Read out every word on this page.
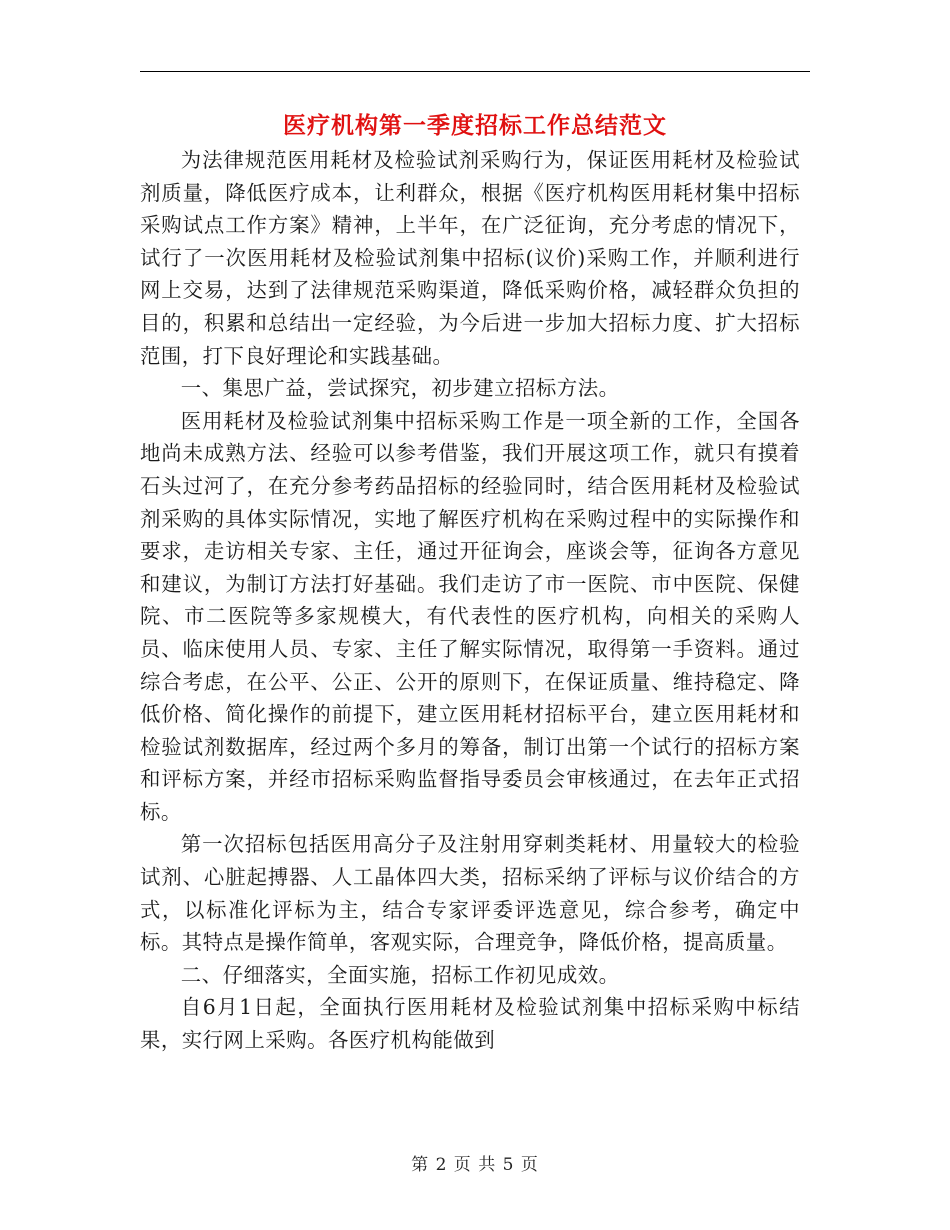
医疗机构第一季度招标工作总结范文

为法律规范医用耗材及检验试剂采购行为，保证医用耗材及检验试剂质量，降低医疗成本，让利群众，根据《医疗机构医用耗材集中招标采购试点工作方案》精神，上半年，在广泛征询，充分考虑的情况下，试行了一次医用耗材及检验试剂集中招标(议价)采购工作，并顺利进行网上交易，达到了法律规范采购渠道，降低采购价格，减轻群众负担的目的，积累和总结出一定经验，为今后进一步加大招标力度、扩大招标范围，打下良好理论和实践基础。

一、集思广益，尝试探究，初步建立招标方法。

医用耗材及检验试剂集中招标采购工作是一项全新的工作，全国各地尚未成熟方法、经验可以参考借鉴，我们开展这项工作，就只有摸着石头过河了，在充分参考药品招标的经验同时，结合医用耗材及检验试剂采购的具体实际情况，实地了解医疗机构在采购过程中的实际操作和要求，走访相关专家、主任，通过开征询会，座谈会等，征询各方意见和建议，为制订方法打好基础。我们走访了市一医院、市中医院、保健院、市二医院等多家规模大，有代表性的医疗机构，向相关的采购人员、临床使用人员、专家、主任了解实际情况，取得第一手资料。通过综合考虑，在公平、公正、公开的原则下，在保证质量、维持稳定、降低价格、简化操作的前提下，建立医用耗材招标平台，建立医用耗材和检验试剂数据库，经过两个多月的筹备，制订出第一个试行的招标方案和评标方案，并经市招标采购监督指导委员会审核通过，在去年正式招标。

第一次招标包括医用高分子及注射用穿刺类耗材、用量较大的检验试剂、心脏起搏器、人工晶体四大类，招标采纳了评标与议价结合的方式，以标准化评标为主，结合专家评委评选意见，综合参考，确定中标。其特点是操作简单，客观实际，合理竞争，降低价格，提高质量。

二、仔细落实，全面实施，招标工作初见成效。

自6月1日起，全面执行医用耗材及检验试剂集中招标采购中标结果，实行网上采购。各医疗机构能做到

第 2 页 共 5 页
